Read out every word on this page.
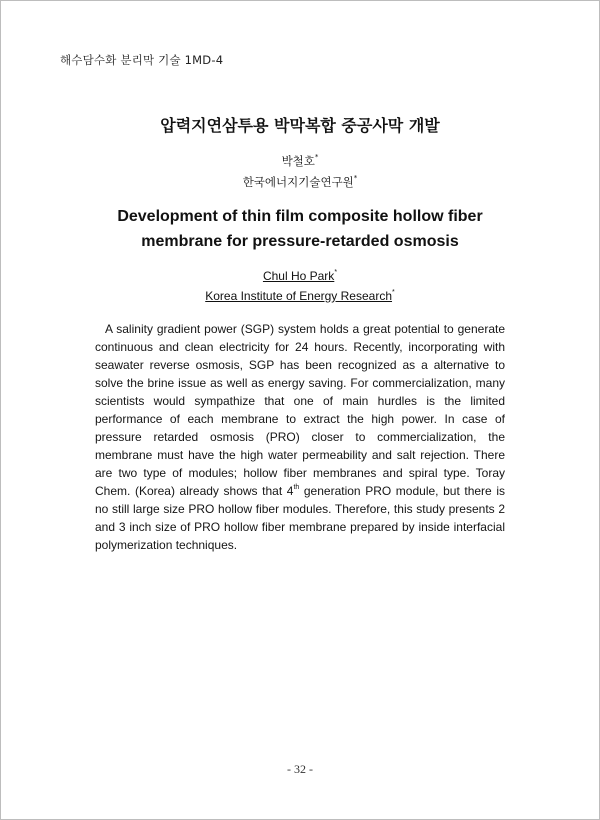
해수담수화 분리막 기술 1MD-4
압력지연삼투용 박막복합 중공사막 개발
박철호*
한국에너지기술연구원*
Development of thin film composite hollow fiber
membrane for pressure-retarded osmosis
Chul Ho Park*
Korea Institute of Energy Research*

A salinity gradient power (SGP) system holds a great potential to generate continuous and clean electricity for 24 hours. Recently, incorporating with seawater reverse osmosis, SGP has been recognized as a alternative to solve the brine issue as well as energy saving. For commercialization, many scientists would sympathize that one of main hurdles is the limited performance of each membrane to extract the high power. In case of pressure retarded osmosis (PRO) closer to commercialization, the membrane must have the high water permeability and salt rejection. There are two type of modules; hollow fiber membranes and spiral type. Toray Chem. (Korea) already shows that 4th generation PRO module, but there is no still large size PRO hollow fiber modules. Therefore, this study presents 2 and 3 inch size of PRO hollow fiber membrane prepared by inside interfacial polymerization techniques.

- 32 -
